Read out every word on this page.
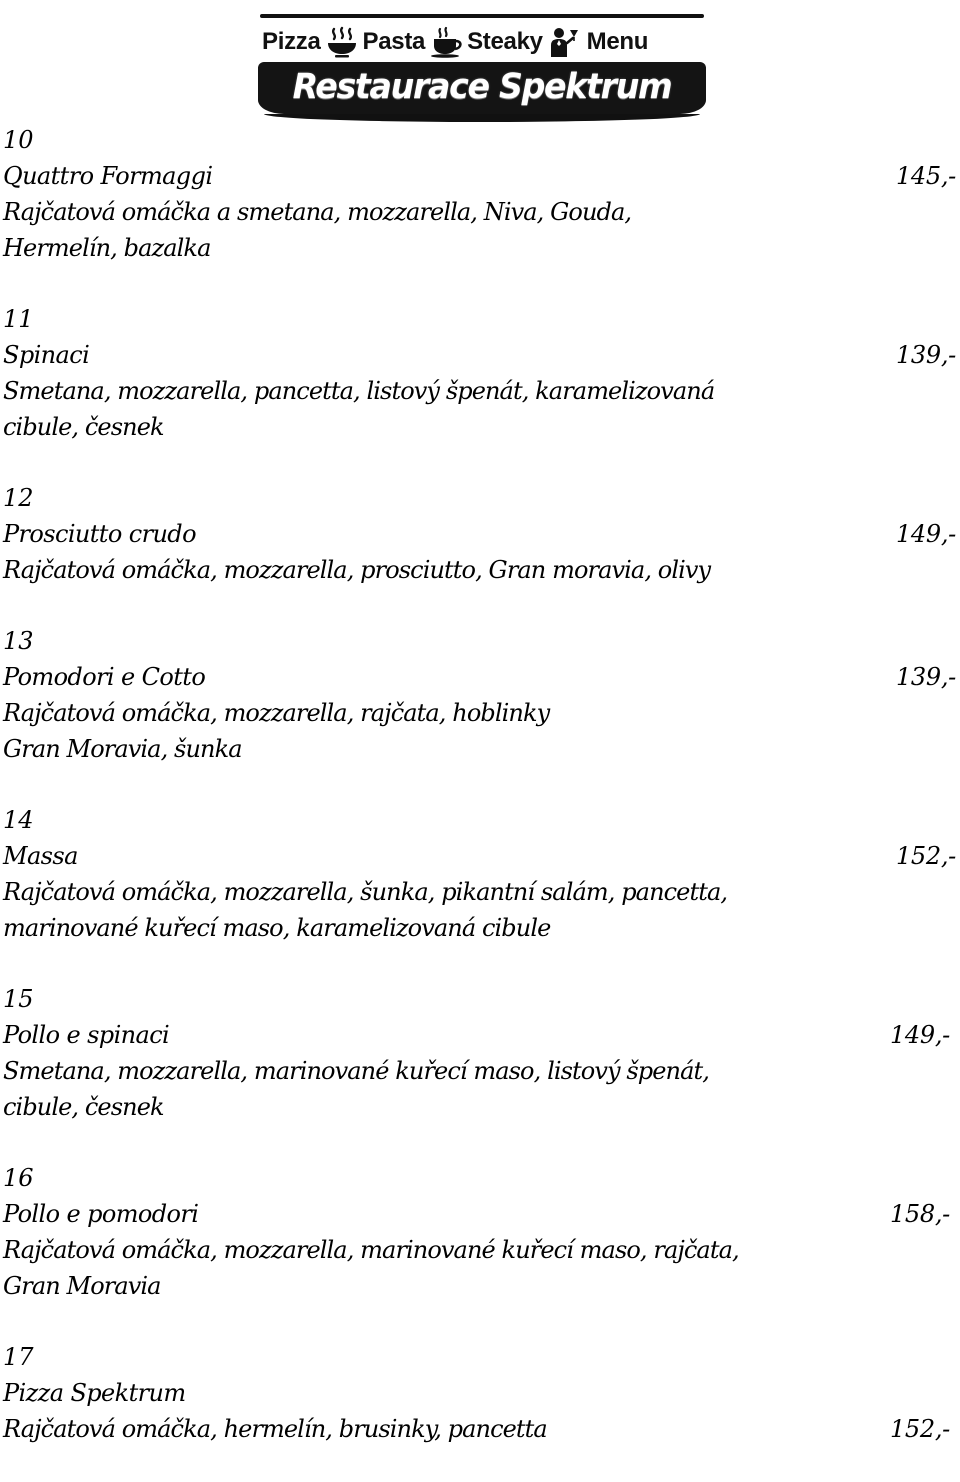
Pizza Pasta Steaky Menu
Restaurace Spektrum
10
Quattro Formaggi	145,-
Rajčatová omáčka a smetana, mozzarella, Niva, Gouda,
Hermelín, bazalka
11
Spinaci	139,-
Smetana, mozzarella, pancetta, listový špenát, karamelizovaná
cibule, česnek
12
Prosciutto crudo	149,-
Rajčatová omáčka, mozzarella, prosciutto, Gran moravia, olivy
13
Pomodori e Cotto	139,-
Rajčatová omáčka, mozzarella, rajčata, hoblinky
Gran Moravia, šunka
14
Massa	152,-
Rajčatová omáčka, mozzarella, šunka, pikantní salám, pancetta,
marinované kuřecí maso, karamelizovaná cibule
15
Pollo e spinaci	149,-
Smetana, mozzarella, marinované kuřecí maso, listový špenát,
cibule, česnek
16
Pollo e pomodori	158,-
Rajčatová omáčka, mozzarella, marinované kuřecí maso, rajčata,
Gran Moravia
17
Pizza Spektrum
Rajčatová omáčka, hermelín, brusinky, pancetta	152,-
